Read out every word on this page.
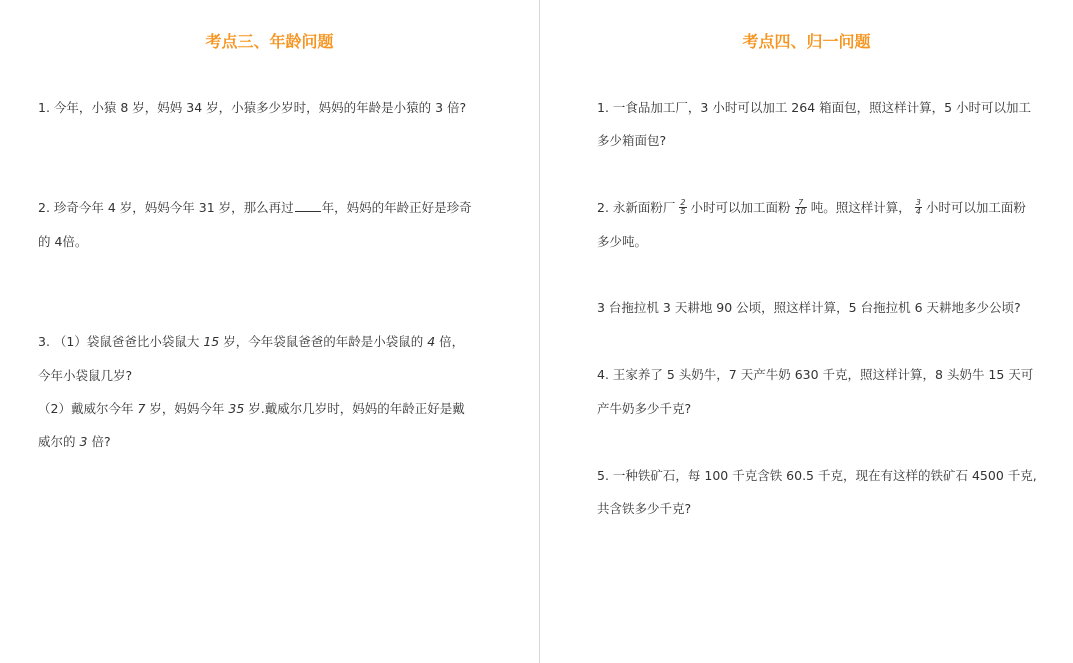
考点三、年龄问题
1. 今年，小猿 8 岁，妈妈 34 岁，小猿多少岁时，妈妈的年龄是小猿的 3 倍?
2. 珍奇今年 4 岁，妈妈今年 31 岁，那么再过 年，妈妈的年龄正好是珍奇
的 4倍。
3. （1）袋鼠爸爸比小袋鼠大 15 岁，今年袋鼠爸爸的年龄是小袋鼠的 4 倍，
今年小袋鼠几岁?
（2）戴威尔今年 7 岁，妈妈今年 35 岁.戴威尔几岁时，妈妈的年龄正好是戴
威尔的 3 倍?
考点四、归一问题
1. 一食品加工厂，3 小时可以加工 264 箱面包，照这样计算，5 小时可以加工
多少箱面包?
2. 永新面粉厂 $\frac{2}{5}$ 小时可以加工面粉 $\frac{7}{10}$ 吨。照这样计算， $\frac{3}{4}$ 小时可以加工面粉
多少吨。
3 台拖拉机 3 天耕地 90 公顷，照这样计算，5 台拖拉机 6 天耕地多少公顷?
4. 王家养了 5 头奶牛，7 天产牛奶 630 千克，照这样计算，8 头奶牛 15 天可
产牛奶多少千克?
5. 一种铁矿石，每 100 千克含铁 60.5 千克，现在有这样的铁矿石 4500 千克,
共含铁多少千克?
